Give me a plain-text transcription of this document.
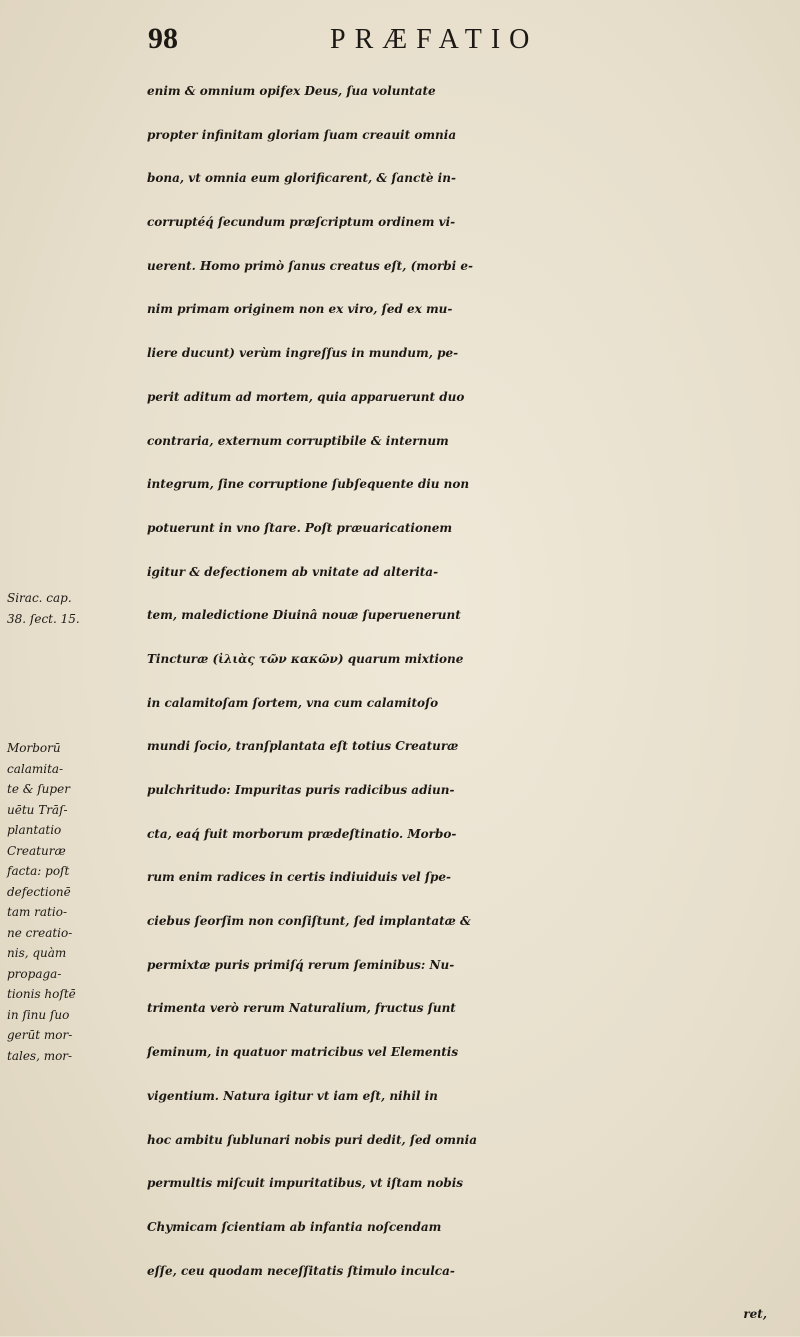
98	PRÆFATIO
enim & omnium opifex Deus, ſua voluntate
propter infinitam gloriam ſuam creauit omnia
bona, vt omnia eum glorificarent, & ſanctè in-
corruptéq́ ſecundum præſcriptum ordinem vi-
uerent. Homo primò ſanus creatus eſt, (morbi e-
nim primam originem non ex viro, ſed ex mu-
liere ducunt) verùm ingreſſus in mundum, pe-
perit aditum ad mortem, quia apparuerunt duo
contraria, externum corruptibile & internum
integrum, ſine corruptione ſubſequente diu non
potuerunt in vno ſtare. Poſt præuaricationem
igitur & defectionem ab vnitate ad alterita-
tem, maledictione Diuinâ nouæ ſuperuenerunt
Tincturæ (ἰλιὰς τῶν κακῶν) quarum mixtione
in calamitoſam ſortem, vna cum calamitoſo
mundi ſocio, tranſplantata eſt totius Creaturæ
pulchritudo: Impuritas puris radicibus adiun-
cta, eaq́ fuit morborum prædeſtinatio. Morbo-
rum enim radices in certis indiuiduis vel ſpe-
ciebus ſeorſim non conſiſtunt, ſed implantatæ &
permixtæ puris primiſq́ rerum ſeminibus: Nu-
trimenta verò rerum Naturalium, fructus ſunt
ſeminum, in quatuor matricibus vel Elementis
vigentium. Natura igitur vt iam eſt, nihil in
hoc ambitu ſublunari nobis puri dedit, ſed omnia
permultis miſcuit impuritatibus, vt iſtam nobis
Chymicam ſcientiam ab infantia noſcendam
eſſe, ceu quodam neceſſitatis ſtimulo inculca-
ret,
Sirac. cap.
38. ſect. 15.
Morborū
calamita-
te & ſuper
uētu Trāſ-
plantatio
Creaturæ
facta: poſt
defectionē
tam ratio-
ne creatio-
nis, quàm
propaga-
tionis hoſtē
in ſinu ſuo
gerūt mor-
tales, mor-
